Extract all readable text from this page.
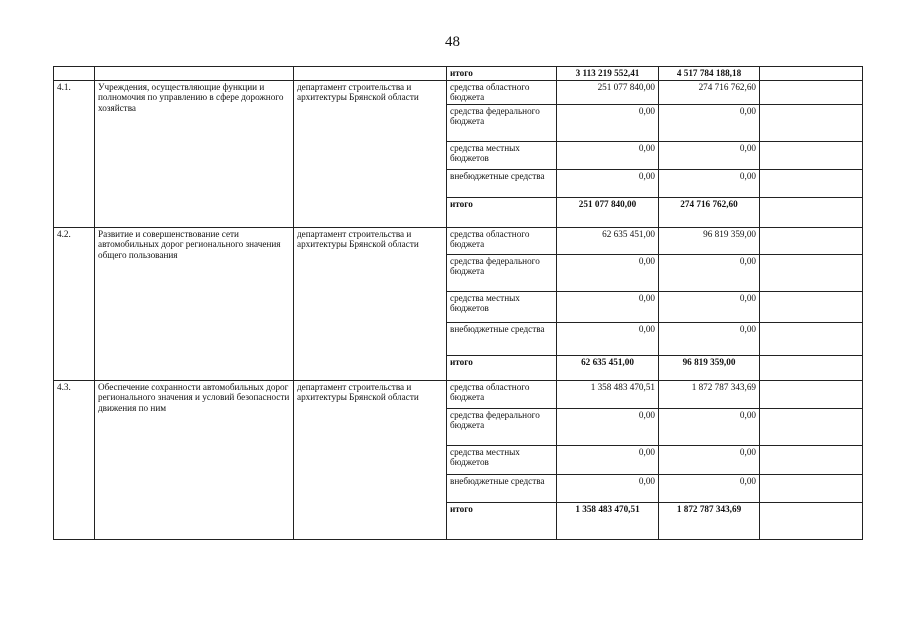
48
			итого	3 113 219 552,41	4 517 784 188,18	
4.1.	Учреждения, осуществляющие функции и полномочия по управлению в сфере дорожного хозяйства	департамент строительства и архитектуры Брянской области	средства областного бюджета	251 077 840,00	274 716 762,60	
			средства федерального бюджета	0,00	0,00	
			средства местных бюджетов	0,00	0,00	
			внебюджетные средства	0,00	0,00	
			итого	251 077 840,00	274 716 762,60	
4.2.	Развитие и совершенствование сети автомобильных дорог регионального значения общего пользования	департамент строительства и архитектуры Брянской области	средства областного бюджета	62 635 451,00	96 819 359,00	
			средства федерального бюджета	0,00	0,00	
			средства местных бюджетов	0,00	0,00	
			внебюджетные средства	0,00	0,00	
			итого	62 635 451,00	96 819 359,00	
4.3.	Обеспечение сохранности автомобильных дорог регионального значения и условий безопасности движения по ним	департамент строительства и архитектуры Брянской области	средства областного бюджета	1 358 483 470,51	1 872 787 343,69	
			средства федерального бюджета	0,00	0,00	
			средства местных бюджетов	0,00	0,00	
			внебюджетные средства	0,00	0,00	
			итого	1 358 483 470,51	1 872 787 343,69	
